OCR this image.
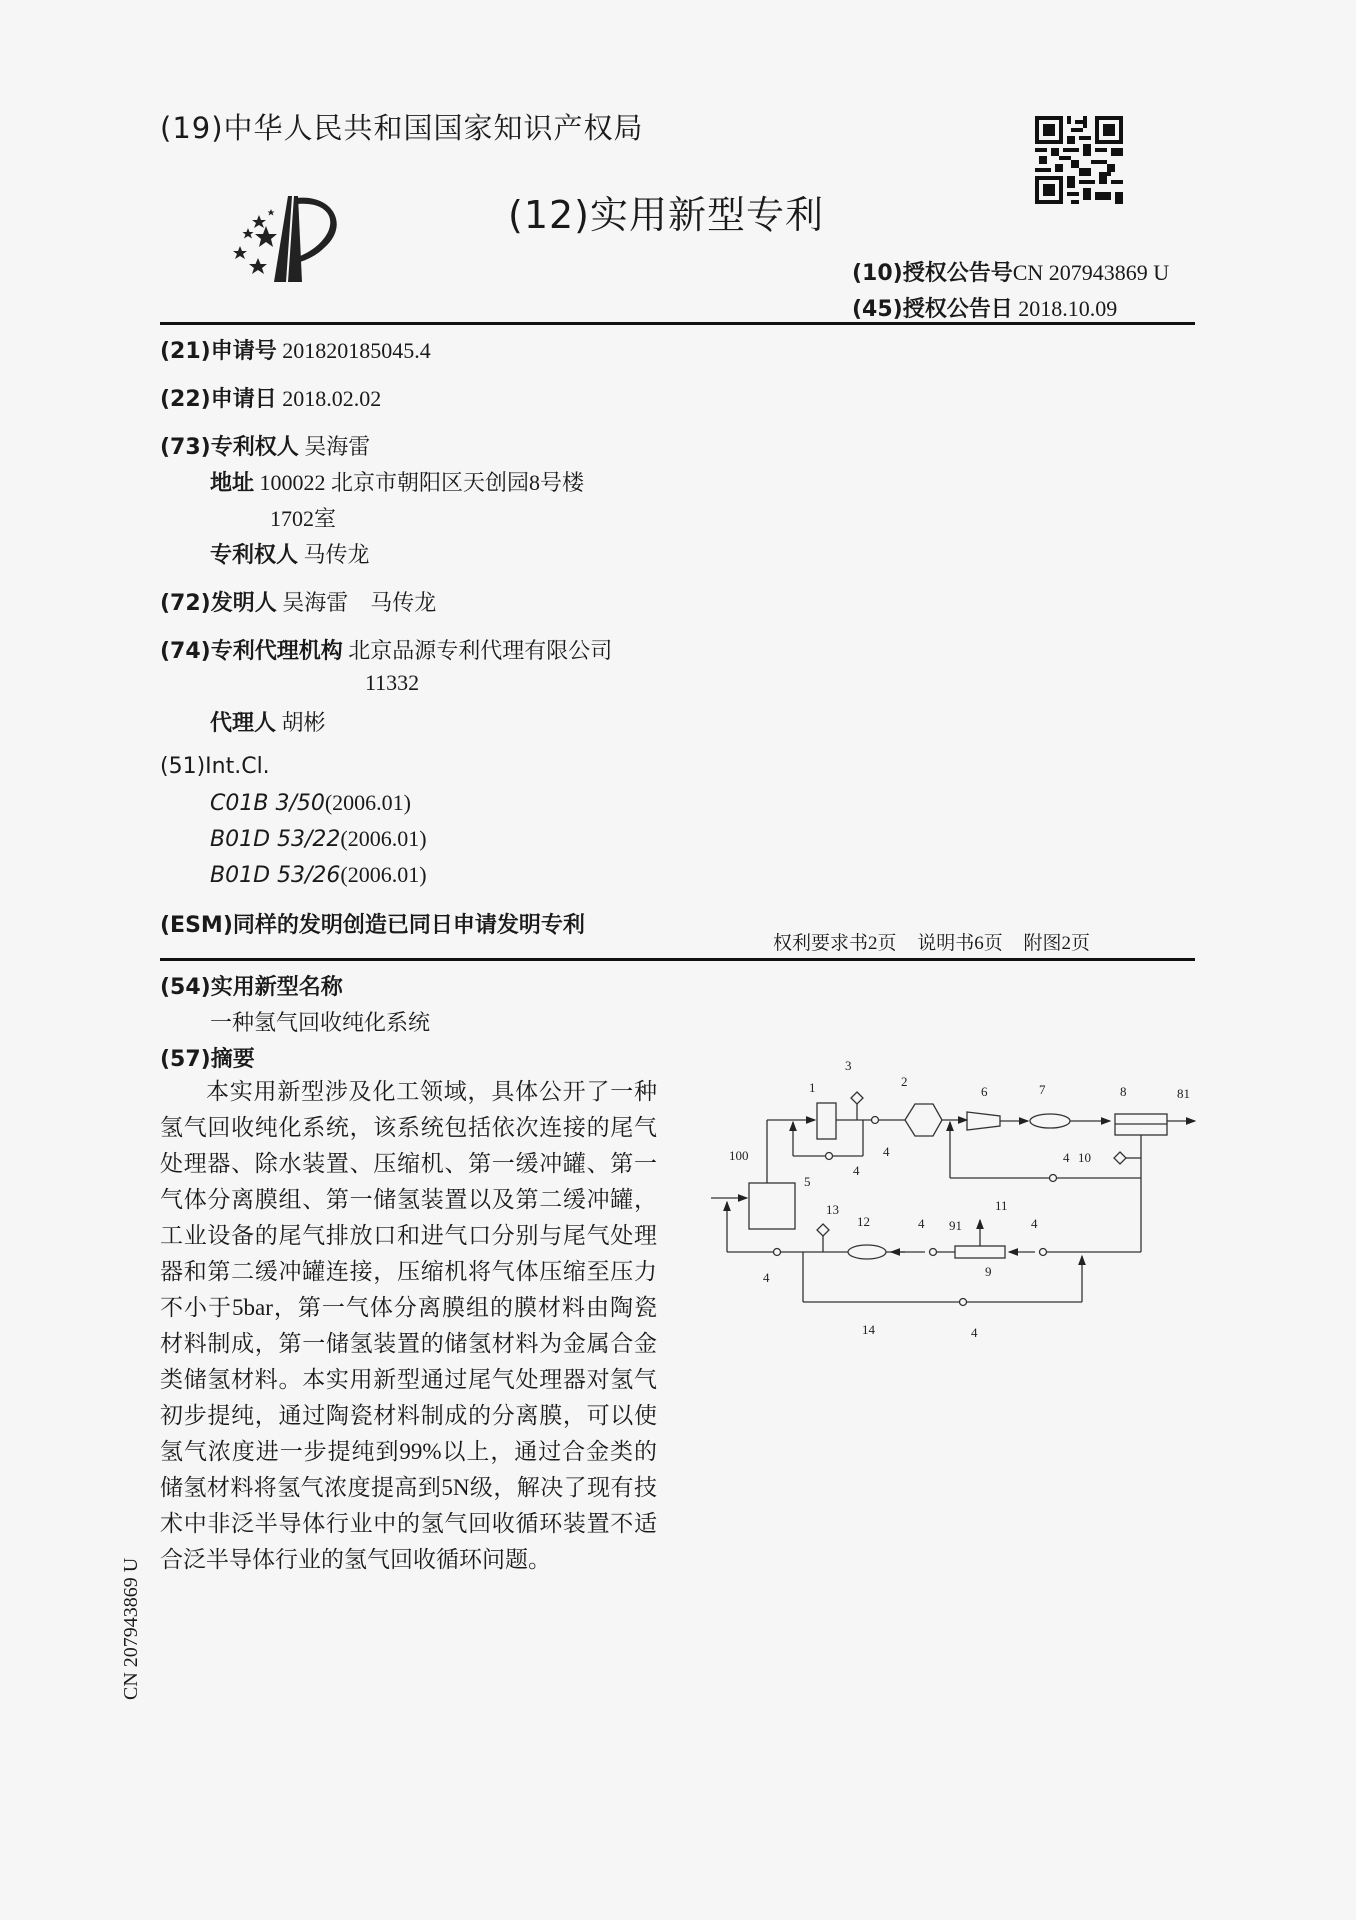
(19)中华人民共和国国家知识产权局
(12)实用新型专利
(10)授权公告号CN 207943869 U
(45)授权公告日 2018.10.09
(21)申请号 201820185045.4
(22)申请日 2018.02.02
(73)专利权人 吴海雷
地址 100022 北京市朝阳区天创园8号楼
1702室
专利权人 马传龙
(72)发明人 吴海雷　马传龙
(74)专利代理机构 北京品源专利代理有限公司
11332
代理人 胡彬
(51)Int.Cl.
C01B 3/50(2006.01)
B01D 53/22(2006.01)
B01D 53/26(2006.01)
(ESM)同样的发明创造已同日申请发明专利
权利要求书2页 说明书6页 附图2页
(54)实用新型名称
一种氢气回收纯化系统
(57)摘要

本实用新型涉及化工领域，具体公开了一种氢气回收纯化系统，该系统包括依次连接的尾气处理器、除水装置、压缩机、第一缓冲罐、第一气体分离膜组、第一储氢装置以及第二缓冲罐，工业设备的尾气排放口和进气口分别与尾气处理器和第二缓冲罐连接，压缩机将气体压缩至压力不小于5bar，第一气体分离膜组的膜材料由陶瓷材料制成，第一储氢装置的储氢材料为金属合金类储氢材料。本实用新型通过尾气处理器对氢气初步提纯，通过陶瓷材料制成的分离膜，可以使氢气浓度进一步提纯到99%以上，通过合金类的储氢材料将氢气浓度提高到5N级，解决了现有技术中非泛半导体行业中的氢气回收循环装置不适合泛半导体行业的氢气回收循环问题。

1
3
2
6	7	8	81
4
4
5
100	4 10
11
13
12	4 91	4
9
4
14	4
CN 207943869 U
